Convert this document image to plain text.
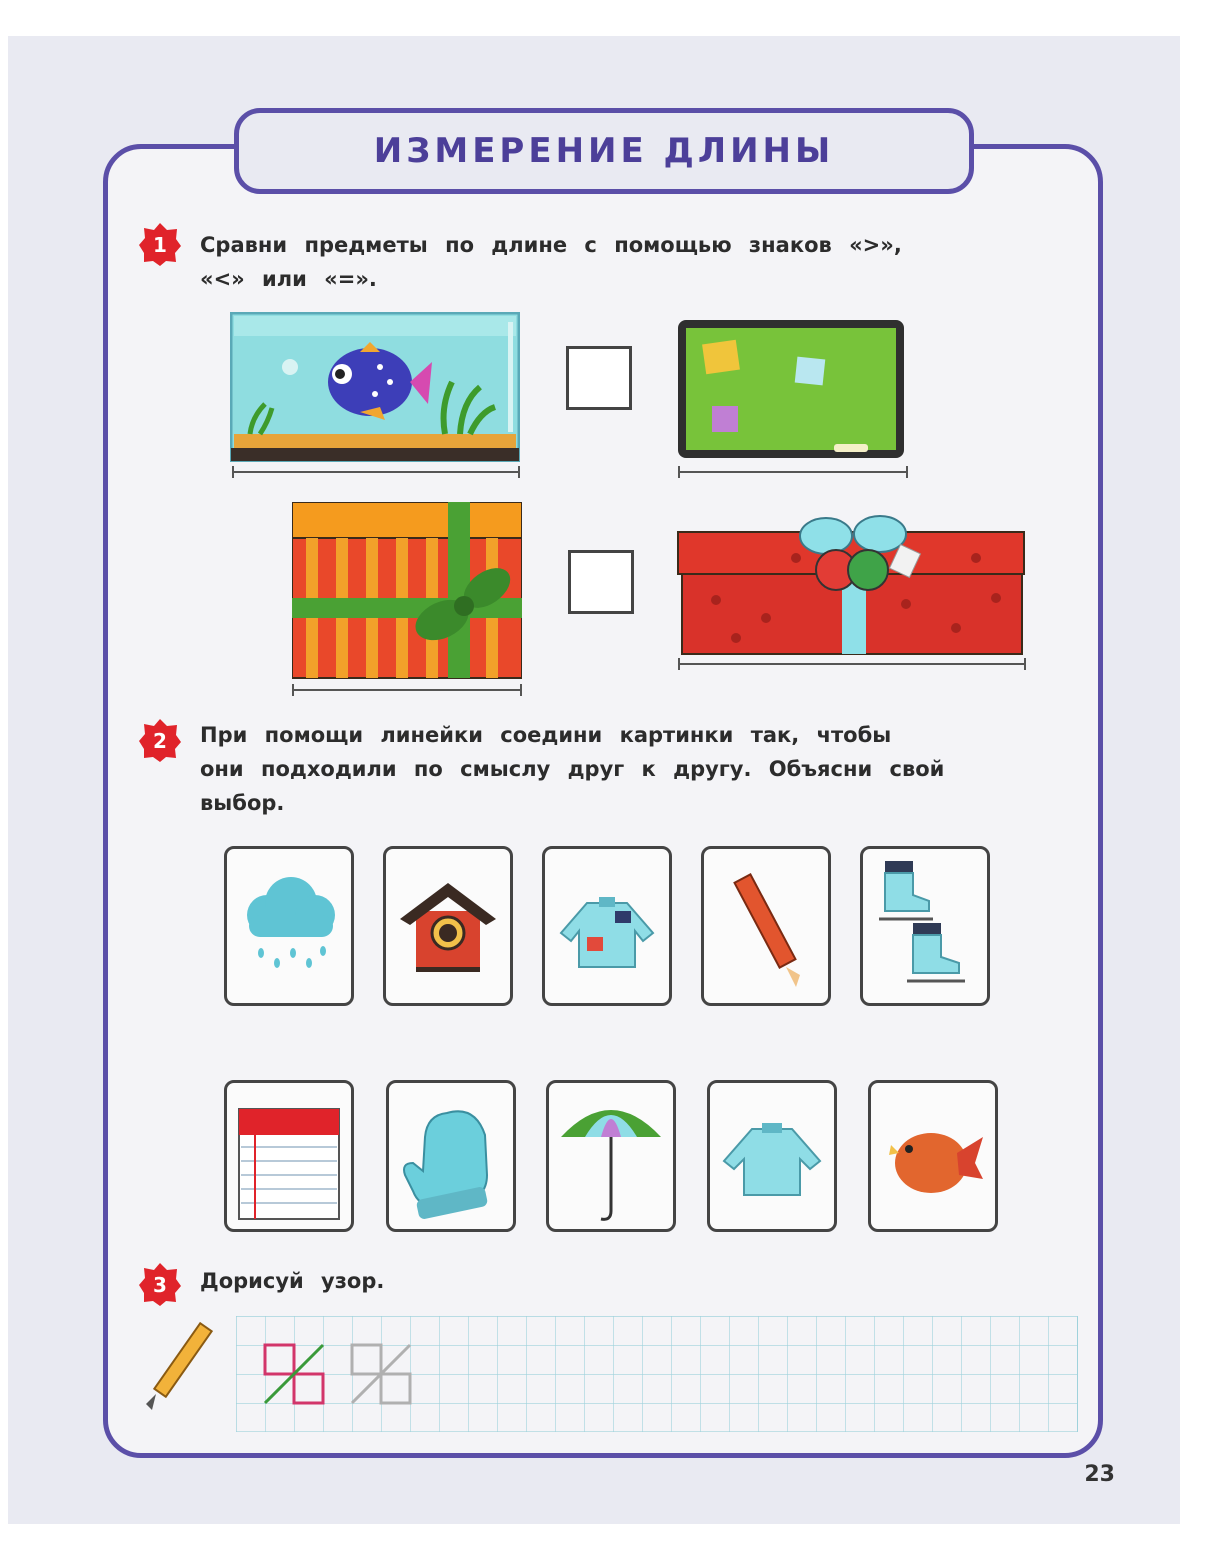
ИЗМЕРЕНИЕ ДЛИНЫ
1 Сравни предметы по длине с помощью знаков «>»,
«<» или «=».
2 При помощи линейки соедини картинки так, чтобы
они подходили по смыслу друг к другу. Объясни свой
выбор.
3 Дорисуй узор.
23
